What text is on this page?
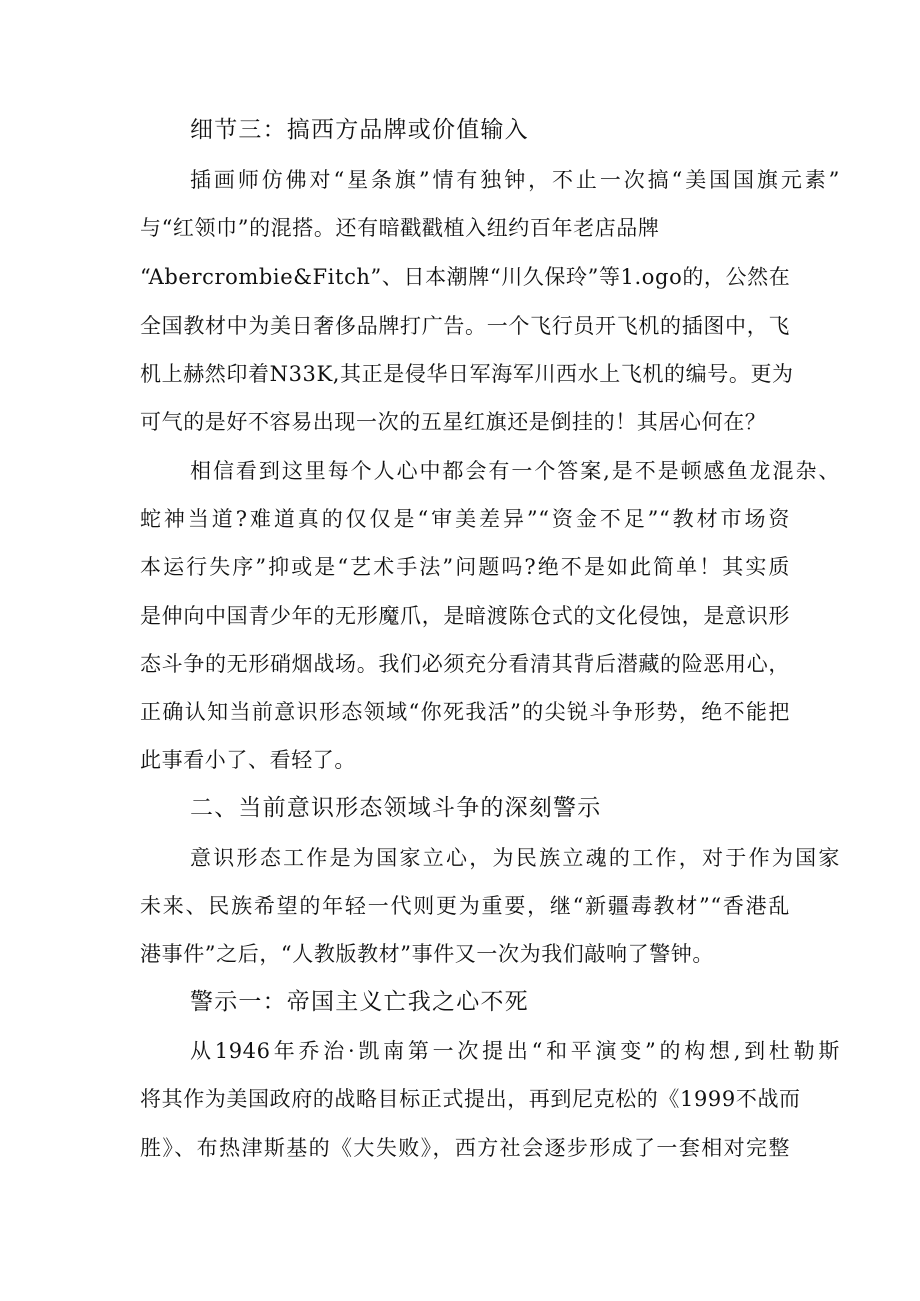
细节三：搞西方品牌或价值输入
插画师仿佛对“星条旗”情有独钟，不止一次搞“美国国旗元素”
与“红领巾”的混搭。还有暗戳戳植入纽约百年老店品牌
“Abercrombie&Fitch”、日本潮牌“川久保玲”等1.ogo的，公然在
全国教材中为美日奢侈品牌打广告。一个飞行员开飞机的插图中，飞
机上赫然印着N33K,其正是侵华日军海军川西水上飞机的编号。更为
可气的是好不容易出现一次的五星红旗还是倒挂的！其居心何在？
相信看到这里每个人心中都会有一个答案,是不是顿感鱼龙混杂、
蛇神当道?难道真的仅仅是“审美差异”“资金不足”“教材市场资
本运行失序”抑或是“艺术手法”问题吗?绝不是如此简单！其实质
是伸向中国青少年的无形魔爪，是暗渡陈仓式的文化侵蚀，是意识形
态斗争的无形硝烟战场。我们必须充分看清其背后潜藏的险恶用心，
正确认知当前意识形态领域“你死我活”的尖锐斗争形势，绝不能把
此事看小了、看轻了。
二、当前意识形态领域斗争的深刻警示
意识形态工作是为国家立心，为民族立魂的工作，对于作为国家
未来、民族希望的年轻一代则更为重要，继“新疆毒教材”“香港乱
港事件”之后，“人教版教材”事件又一次为我们敲响了警钟。
警示一：帝国主义亡我之心不死
从1946年乔治·凯南第一次提出“和平演变”的构想,到杜勒斯
将其作为美国政府的战略目标正式提出，再到尼克松的《1999不战而
胜》、布热津斯基的《大失败》，西方社会逐步形成了一套相对完整
